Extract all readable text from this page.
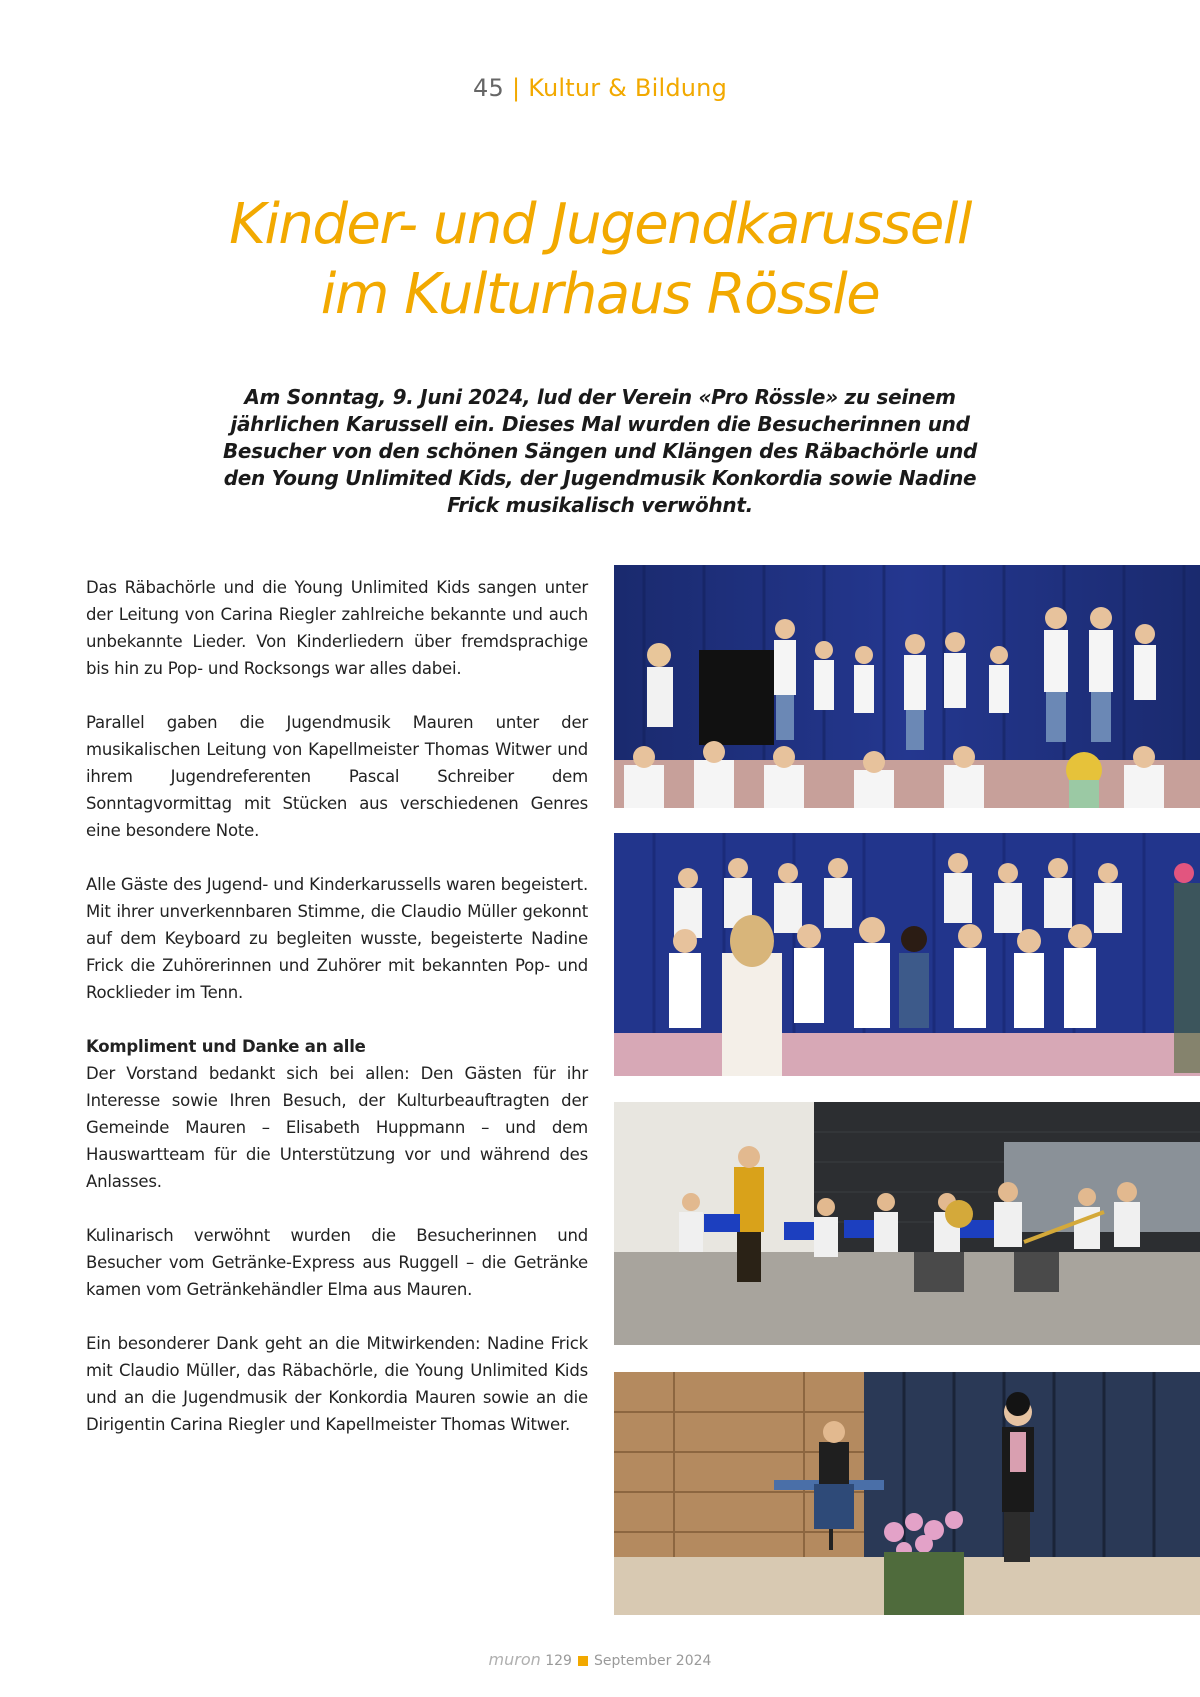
45 | Kultur & Bildung
Kinder- und Jugendkarussell
im Kulturhaus Rössle
Am Sonntag, 9. Juni 2024, lud der Verein «Pro Rössle» zu seinem jährlichen Karussell ein. Dieses Mal wurden die Besucherinnen und Besucher von den schönen Sängen und Klängen des Räbachörle und den Young Unlimited Kids, der Jugendmusik Konkordia sowie Nadine Frick musikalisch verwöhnt.

Das Räbachörle und die Young Unlimited Kids sangen unter der Leitung von Carina Riegler zahlreiche bekannte und auch unbekannte Lieder. Von Kinderliedern über fremdsprachige bis hin zu Pop- und Rocksongs war alles dabei.

Parallel gaben die Jugendmusik Mauren unter der musikalischen Leitung von Kapellmeister Thomas Witwer und ihrem Jugendreferenten Pascal Schreiber dem Sonntagvormittag mit Stücken aus verschiedenen Genres eine besondere Note.

Alle Gäste des Jugend- und Kinderkarussells waren begeistert. Mit ihrer unverkennbaren Stimme, die Claudio Müller gekonnt auf dem Keyboard zu begleiten wusste, begeisterte Nadine Frick die Zuhörerinnen und Zuhörer mit bekannten Pop- und Rocklieder im Tenn.

Kompliment und Danke an alle

Der Vorstand bedankt sich bei allen: Den Gästen für ihr Interesse sowie Ihren Besuch, der Kulturbeauftragten der Gemeinde Mauren – Elisabeth Huppmann – und dem Hauswartteam für die Unterstützung vor und während des Anlasses.

Kulinarisch verwöhnt wurden die Besucherinnen und Besucher vom Getränke-Express aus Ruggell – die Getränke kamen vom Getränkehändler Elma aus Mauren.

Ein besonderer Dank geht an die Mitwirkenden: Nadine Frick mit Claudio Müller, das Räbachörle, die Young Unlimited Kids und an die Jugendmusik der Konkordia Mauren sowie an die Dirigentin Carina Riegler und Kapellmeister Thomas Witwer.

muron 129 September 2024
